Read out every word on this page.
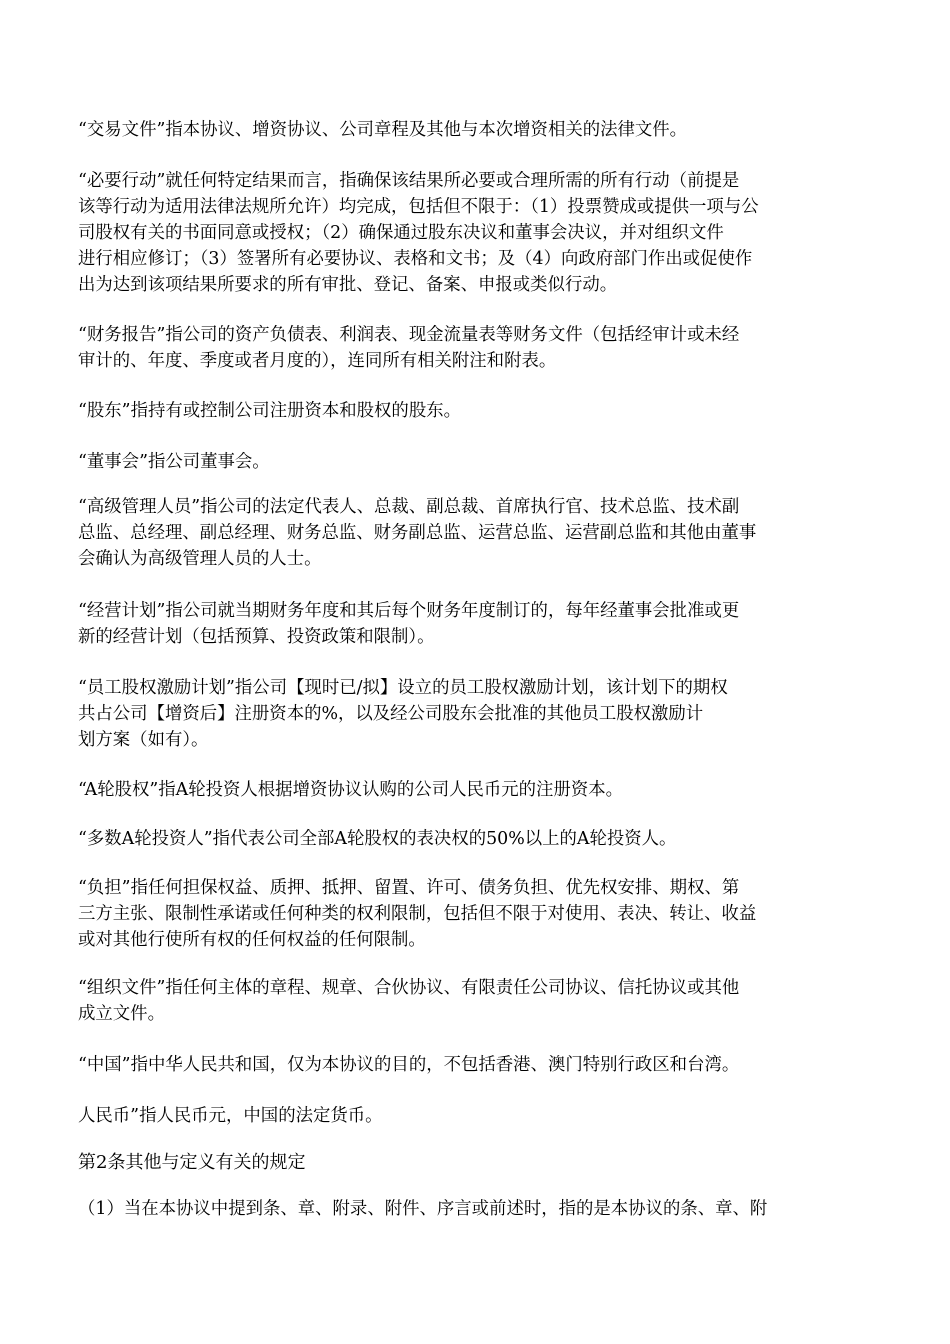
“交易文件”指本协议、增资协议、公司章程及其他与本次增资相关的法律文件。
“必要行动”就任何特定结果而言，指确保该结果所必要或合理所需的所有行动（前提是
该等行动为适用法律法规所允许）均完成，包括但不限于：（1）投票赞成或提供一项与公
司股权有关的书面同意或授权；（2）确保通过股东决议和董事会决议，并对组织文件
进行相应修订；（3）签署所有必要协议、表格和文书；及（4）向政府部门作出或促使作
出为达到该项结果所要求的所有审批、登记、备案、申报或类似行动。
“财务报告”指公司的资产负债表、利润表、现金流量表等财务文件（包括经审计或未经
审计的、年度、季度或者月度的），连同所有相关附注和附表。
“股东”指持有或控制公司注册资本和股权的股东。
“董事会”指公司董事会。
“高级管理人员”指公司的法定代表人、总裁、副总裁、首席执行官、技术总监、技术副
总监、总经理、副总经理、财务总监、财务副总监、运营总监、运营副总监和其他由董事
会确认为高级管理人员的人士。
“经营计划”指公司就当期财务年度和其后每个财务年度制订的，每年经董事会批准或更
新的经营计划（包括预算、投资政策和限制）。
“员工股权激励计划”指公司【现时已/拟】设立的员工股权激励计划，该计划下的期权
共占公司【增资后】注册资本的%，以及经公司股东会批准的其他员工股权激励计
划方案（如有）。
“A轮股权”指A轮投资人根据增资协议认购的公司人民币元的注册资本。
“多数A轮投资人”指代表公司全部A轮股权的表决权的50%以上的A轮投资人。
“负担”指任何担保权益、质押、抵押、留置、许可、债务负担、优先权安排、期权、第
三方主张、限制性承诺或任何种类的权利限制，包括但不限于对使用、表决、转让、收益
或对其他行使所有权的任何权益的任何限制。
“组织文件”指任何主体的章程、规章、合伙协议、有限责任公司协议、信托协议或其他
成立文件。
“中国”指中华人民共和国，仅为本协议的目的，不包括香港、澳门特别行政区和台湾。
人民币”指人民币元，中国的法定货币。
第2条其他与定义有关的规定
（1）当在本协议中提到条、章、附录、附件、序言或前述时，指的是本协议的条、章、附
